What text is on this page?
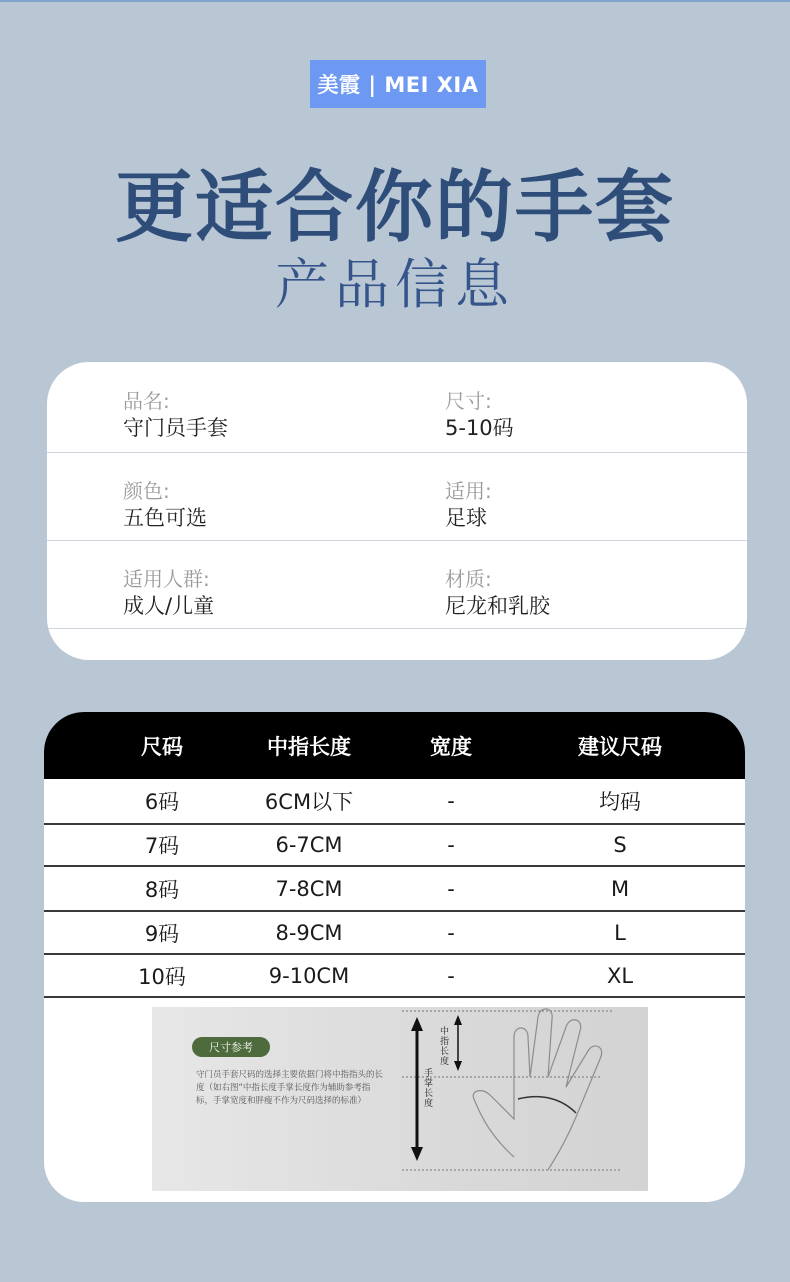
美霞 | MEI XIA
更适合你的手套
产品信息
品名:
守门员手套
尺寸:
5-10码
颜色:
五色可选
适用:
足球
适用人群:
成人/儿童
材质:
尼龙和乳胶
尺码	中指长度	宽度	建议尺码
6码	6CM以下	-	均码
7码	6-7CM	-	S
8码	7-8CM	-	M
9码	8-9CM	-	L
10码	9-10CM	-	XL
尺寸参考
守门员手套尺码的选择主要依据门将中指指头的长度（如右图“中指长度手掌长度作为辅助参考指标，手掌宽度和胖瘦不作为尺码选择的标准）
中指长度
手掌长度
